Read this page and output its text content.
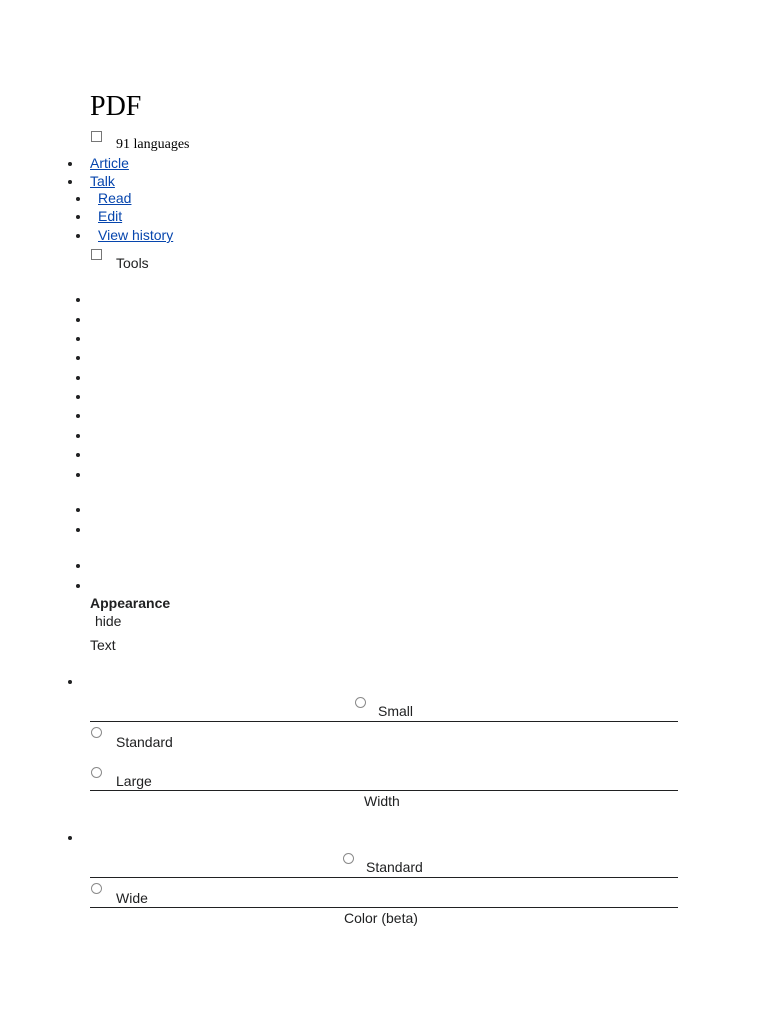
PDF
91 languages
Article
Talk
Read
Edit
View history
Tools
Appearance
hide
Text
Small
Standard
Large
Width
Standard
Wide
Color (beta)
